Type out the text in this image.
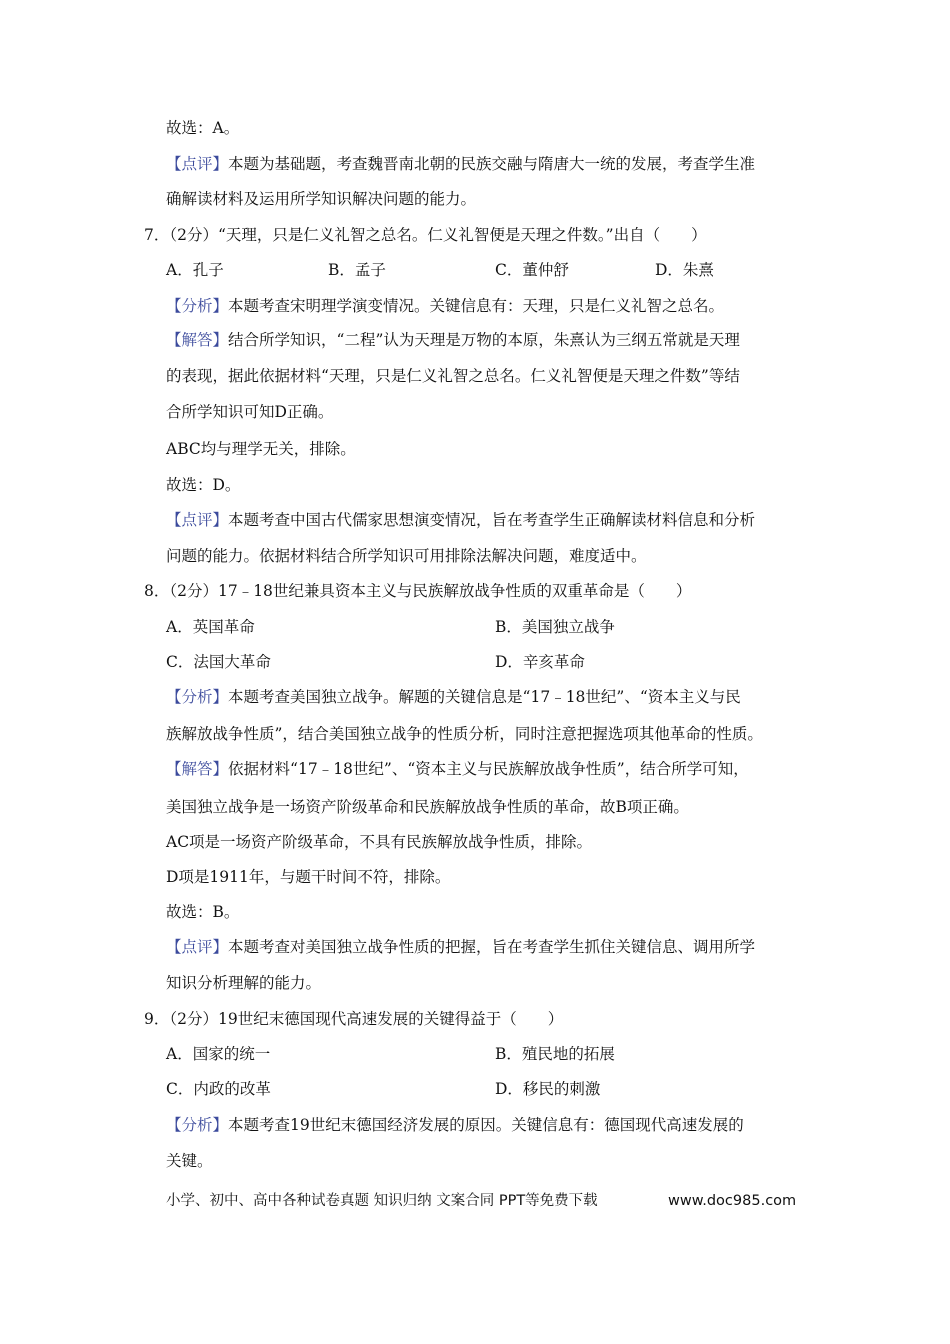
故选：A。
【点评】本题为基础题，考查魏晋南北朝的民族交融与隋唐大一统的发展，考查学生准
确解读材料及运用所学知识解决问题的能力。
7．（2分）“天理，只是仁义礼智之总名。仁义礼智便是天理之件数。”出自（　　）
A．孔子	B．孟子	C．董仲舒	D．朱熹
【分析】本题考查宋明理学演变情况。关键信息有：天理，只是仁义礼智之总名。
【解答】结合所学知识，“二程”认为天理是万物的本原，朱熹认为三纲五常就是天理
的表现，据此依据材料“天理，只是仁义礼智之总名。仁义礼智便是天理之件数”等结
合所学知识可知D正确。
ABC均与理学无关，排除。
故选：D。
【点评】本题考查中国古代儒家思想演变情况，旨在考查学生正确解读材料信息和分析
问题的能力。依据材料结合所学知识可用排除法解决问题，难度适中。
8．（2分）17﹣18世纪兼具资本主义与民族解放战争性质的双重革命是（　　）
A．英国革命	B．美国独立战争
C．法国大革命	D．辛亥革命
【分析】本题考查美国独立战争。解题的关键信息是“17﹣18世纪”、“资本主义与民
族解放战争性质”，结合美国独立战争的性质分析，同时注意把握选项其他革命的性质。
【解答】依据材料“17﹣18世纪”、“资本主义与民族解放战争性质”，结合所学可知，
美国独立战争是一场资产阶级革命和民族解放战争性质的革命，故B项正确。
AC项是一场资产阶级革命，不具有民族解放战争性质，排除。
D项是1911年，与题干时间不符，排除。
故选：B。
【点评】本题考查对美国独立战争性质的把握，旨在考查学生抓住关键信息、调用所学
知识分析理解的能力。
9．（2分）19世纪末德国现代高速发展的关键得益于（　　）
A．国家的统一	B．殖民地的拓展
C．内政的改革	D．移民的刺激
【分析】本题考查19世纪末德国经济发展的原因。关键信息有：德国现代高速发展的
关键。
小学、初中、高中各种试卷真题 知识归纳 文案合同 PPT等免费下载	www.doc985.com
